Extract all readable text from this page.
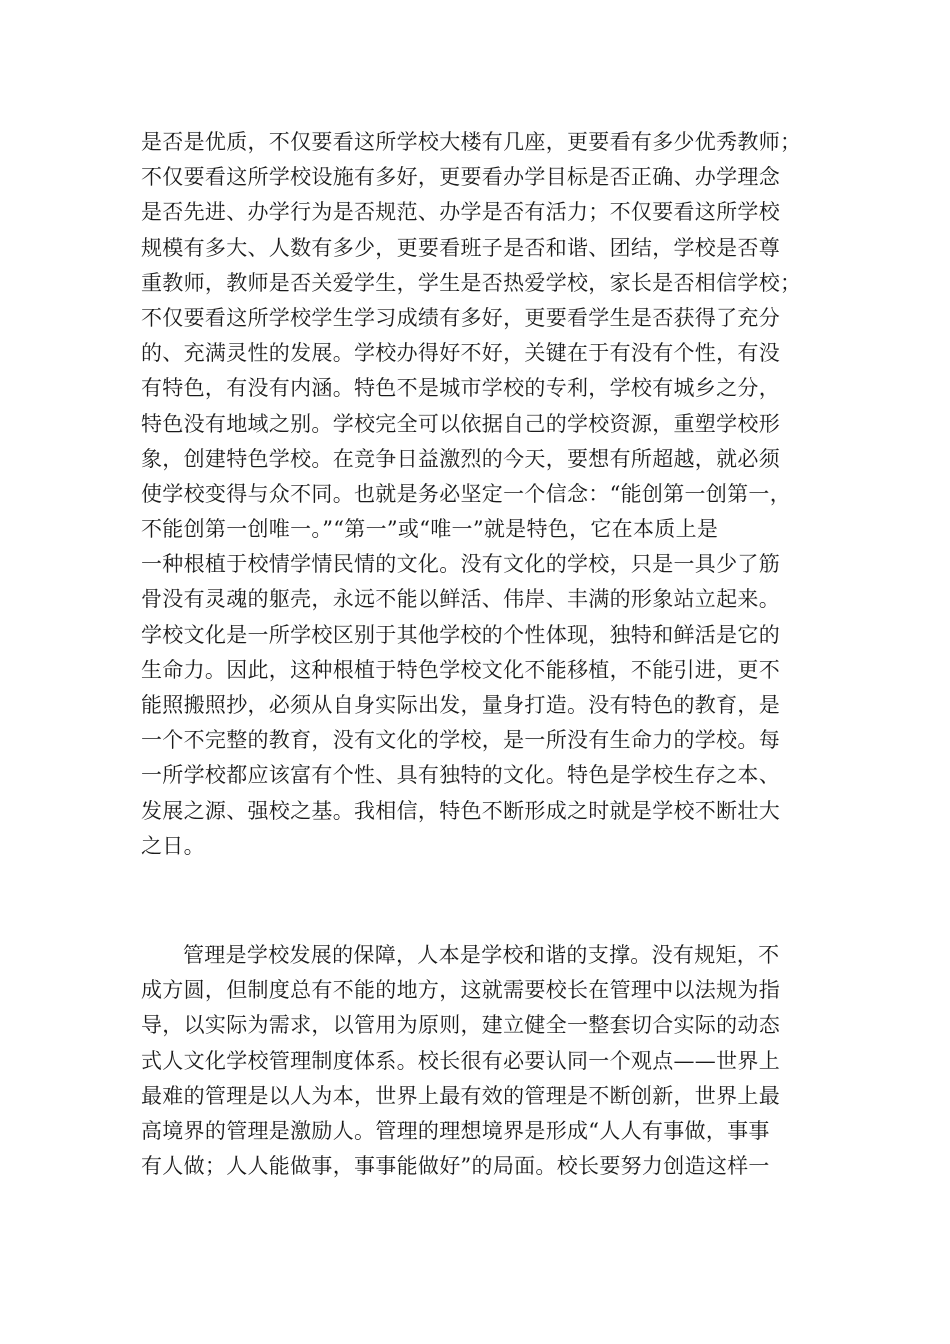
是否是优质，不仅要看这所学校大楼有几座，更要看有多少优秀教师；
不仅要看这所学校设施有多好，更要看办学目标是否正确、办学理念
是否先进、办学行为是否规范、办学是否有活力；不仅要看这所学校
规模有多大、人数有多少，更要看班子是否和谐、团结，学校是否尊
重教师，教师是否关爱学生，学生是否热爱学校，家长是否相信学校；
不仅要看这所学校学生学习成绩有多好，更要看学生是否获得了充分
的、充满灵性的发展。学校办得好不好，关键在于有没有个性，有没
有特色，有没有内涵。特色不是城市学校的专利，学校有城乡之分，
特色没有地域之别。学校完全可以依据自己的学校资源，重塑学校形
象，创建特色学校。在竞争日益激烈的今天，要想有所超越，就必须
使学校变得与众不同。也就是务必坚定一个信念：“能创第一创第一，
不能创第一创唯一。”“第一”或“唯一”就是特色，它在本质上是
一种根植于校情学情民情的文化。没有文化的学校，只是一具少了筋
骨没有灵魂的躯壳，永远不能以鲜活、伟岸、丰满的形象站立起来。
学校文化是一所学校区别于其他学校的个性体现，独特和鲜活是它的
生命力。因此，这种根植于特色学校文化不能移植，不能引进，更不
能照搬照抄，必须从自身实际出发，量身打造。没有特色的教育，是
一个不完整的教育，没有文化的学校，是一所没有生命力的学校。每
一所学校都应该富有个性、具有独特的文化。特色是学校生存之本、
发展之源、强校之基。我相信，特色不断形成之时就是学校不断壮大
之日。
管理是学校发展的保障，人本是学校和谐的支撑。没有规矩，不
成方圆，但制度总有不能的地方，这就需要校长在管理中以法规为指
导，以实际为需求，以管用为原则，建立健全一整套切合实际的动态
式人文化学校管理制度体系。校长很有必要认同一个观点——世界上
最难的管理是以人为本，世界上最有效的管理是不断创新，世界上最
高境界的管理是激励人。管理的理想境界是形成“人人有事做，事事
有人做；人人能做事，事事能做好”的局面。校长要努力创造这样一
